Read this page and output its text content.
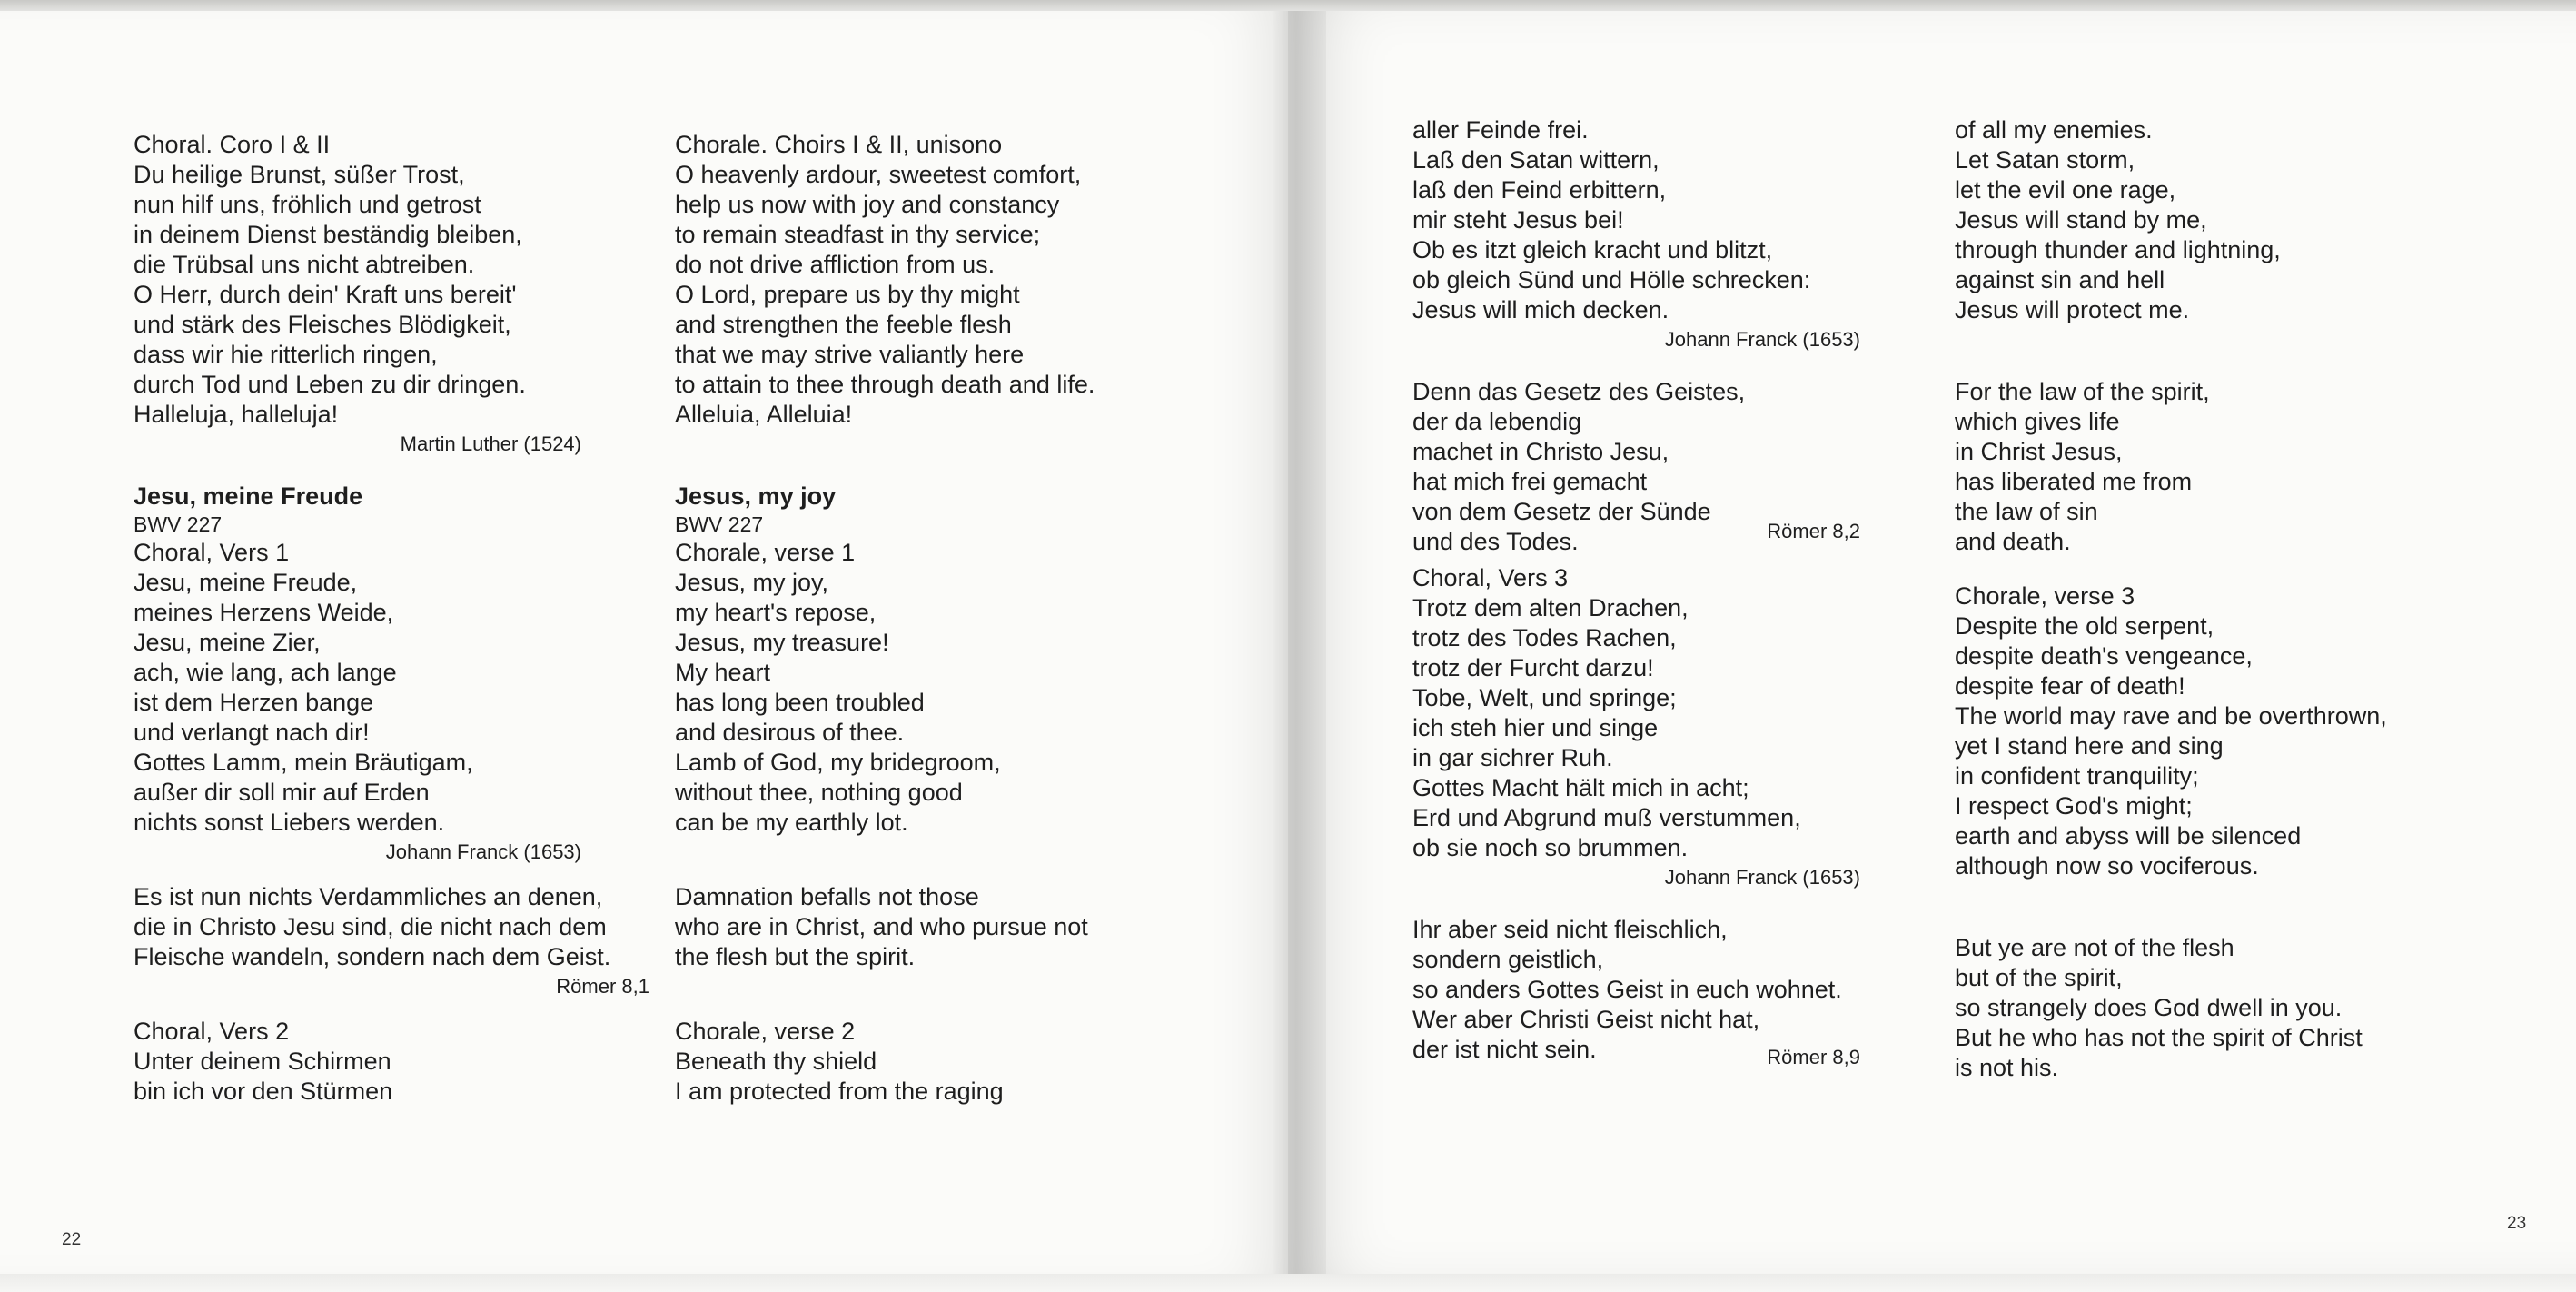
Choral. Coro I & II

Du heilige Brunst, süßer Trost,

nun hilf uns, fröhlich und getrost

in deinem Dienst beständig bleiben,

die Trübsal uns nicht abtreiben.

O Herr, durch dein' Kraft uns bereit'

und stärk des Fleisches Blödigkeit,

dass wir hie ritterlich ringen,

durch Tod und Leben zu dir dringen.

Halleluja, halleluja!

Martin Luther (1524)

Jesu, meine Freude

BWV 227

Choral, Vers 1

Jesu, meine Freude,

meines Herzens Weide,

Jesu, meine Zier,

ach, wie lang, ach lange

ist dem Herzen bange

und verlangt nach dir!

Gottes Lamm, mein Bräutigam,

außer dir soll mir auf Erden

nichts sonst Liebers werden.

Johann Franck (1653)

Es ist nun nichts Verdammliches an denen,

die in Christo Jesu sind, die nicht nach dem

Fleische wandeln, sondern nach dem Geist.

Römer 8,1

Choral, Vers 2

Unter deinem Schirmen

bin ich vor den Stürmen

Chorale. Choirs I & II, unisono

O heavenly ardour, sweetest comfort,

help us now with joy and constancy

to remain steadfast in thy service;

do not drive affliction from us.

O Lord, prepare us by thy might

and strengthen the feeble flesh

that we may strive valiantly here

to attain to thee through death and life.

Alleluia, Alleluia!

Jesus, my joy

BWV 227

Chorale, verse 1

Jesus, my joy,

my heart's repose,

Jesus, my treasure!

My heart

has long been troubled

and desirous of thee.

Lamb of God, my bridegroom,

without thee, nothing good

can be my earthly lot.

Damnation befalls not those

who are in Christ, and who pursue not

the flesh but the spirit.

Chorale, verse 2

Beneath thy shield

I am protected from the raging

aller Feinde frei.

Laß den Satan wittern,

laß den Feind erbittern,

mir steht Jesus bei!

Ob es itzt gleich kracht und blitzt,

ob gleich Sünd und Hölle schrecken:

Jesus will mich decken.

Johann Franck (1653)

Denn das Gesetz des Geistes,

der da lebendig

machet in Christo Jesu,

hat mich frei gemacht

von dem Gesetz der Sünde

und des Todes.	Römer 8,2

Choral, Vers 3

Trotz dem alten Drachen,

trotz des Todes Rachen,

trotz der Furcht darzu!

Tobe, Welt, und springe;

ich steh hier und singe

in gar sichrer Ruh.

Gottes Macht hält mich in acht;

Erd und Abgrund muß verstummen,

ob sie noch so brummen.

Johann Franck (1653)

Ihr aber seid nicht fleischlich,

sondern geistlich,

so anders Gottes Geist in euch wohnet.

Wer aber Christi Geist nicht hat,

der ist nicht sein.	Römer 8,9

of all my enemies.

Let Satan storm,

let the evil one rage,

Jesus will stand by me,

through thunder and lightning,

against sin and hell

Jesus will protect me.

For the law of the spirit,

which gives life

in Christ Jesus,

has liberated me from

the law of sin

and death.

Chorale, verse 3

Despite the old serpent,

despite death's vengeance,

despite fear of death!

The world may rave and be overthrown,

yet I stand here and sing

in confident tranquility;

I respect God's might;

earth and abyss will be silenced

although now so vociferous.

But ye are not of the flesh

but of the spirit,

so strangely does God dwell in you.

But he who has not the spirit of Christ

is not his.

22
23
